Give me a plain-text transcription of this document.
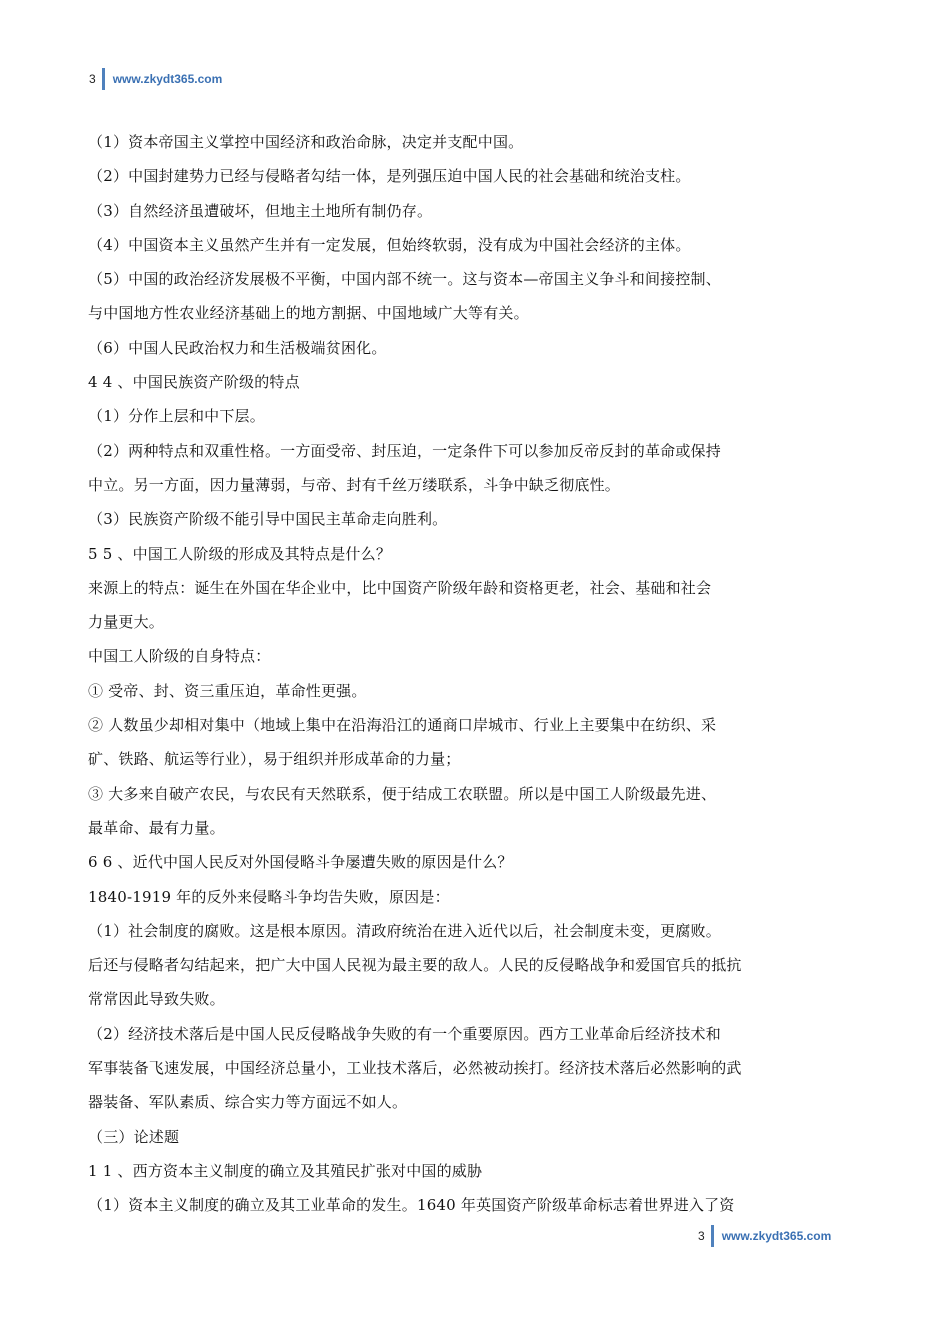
3 www.zkydt365.com
（1）资本帝国主义掌控中国经济和政治命脉，决定并支配中国。
（2）中国封建势力已经与侵略者勾结一体，是列强压迫中国人民的社会基础和统治支柱。
（3）自然经济虽遭破坏，但地主土地所有制仍存。
（4）中国资本主义虽然产生并有一定发展，但始终软弱，没有成为中国社会经济的主体。
（5）中国的政治经济发展极不平衡，中国内部不统一。这与资本—帝国主义争斗和间接控制、
与中国地方性农业经济基础上的地方割据、中国地域广大等有关。
（6）中国人民政治权力和生活极端贫困化。
4 4 、中国民族资产阶级的特点
（1）分作上层和中下层。
（2）两种特点和双重性格。一方面受帝、封压迫，一定条件下可以参加反帝反封的革命或保持
中立。另一方面，因力量薄弱，与帝、封有千丝万缕联系，斗争中缺乏彻底性。
（3）民族资产阶级不能引导中国民主革命走向胜利。
5 5 、中国工人阶级的形成及其特点是什么？
来源上的特点：诞生在外国在华企业中，比中国资产阶级年龄和资格更老，社会、基础和社会
力量更大。
中国工人阶级的自身特点：
① 受帝、封、资三重压迫，革命性更强。
② 人数虽少却相对集中（地域上集中在沿海沿江的通商口岸城市、行业上主要集中在纺织、采
矿、铁路、航运等行业），易于组织并形成革命的力量；
③ 大多来自破产农民，与农民有天然联系，便于结成工农联盟。所以是中国工人阶级最先进、
最革命、最有力量。
6 6 、近代中国人民反对外国侵略斗争屡遭失败的原因是什么？
1840-1919 年的反外来侵略斗争均告失败，原因是：
（1）社会制度的腐败。这是根本原因。清政府统治在进入近代以后，社会制度未变，更腐败。
后还与侵略者勾结起来，把广大中国人民视为最主要的敌人。人民的反侵略战争和爱国官兵的抵抗
常常因此导致失败。
（2）经济技术落后是中国人民反侵略战争失败的有一个重要原因。西方工业革命后经济技术和
军事装备飞速发展，中国经济总量小，工业技术落后，必然被动挨打。经济技术落后必然影响的武
器装备、军队素质、综合实力等方面远不如人。
（三）论述题
1 1 、西方资本主义制度的确立及其殖民扩张对中国的威胁
（1）资本主义制度的确立及其工业革命的发生。1640 年英国资产阶级革命标志着世界进入了资
3 www.zkydt365.com
